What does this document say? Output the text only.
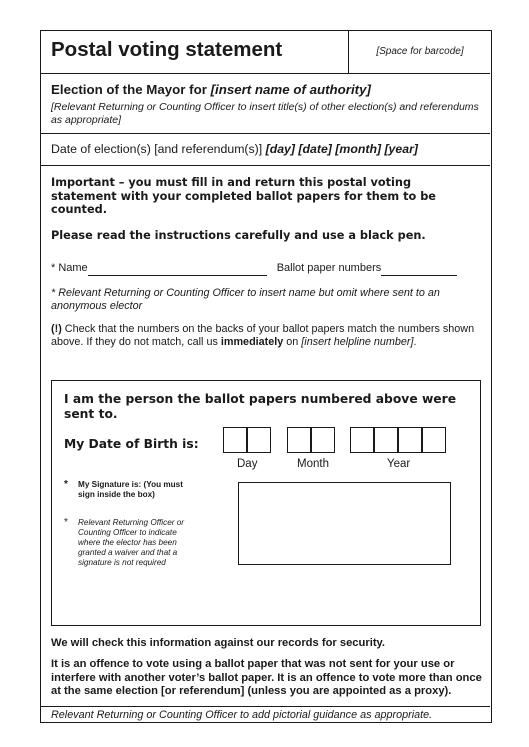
Postal voting statement	[Space for barcode]
Election of the Mayor for [insert name of authority]
[Relevant Returning or Counting Officer to insert title(s) of other election(s) and referendums as appropriate]
Date of election(s) [and referendum(s)] [day] [date] [month] [year]
Important – you must fill in and return this postal voting statement with your completed ballot papers for them to be counted.
Please read the instructions carefully and use a black pen.
* Name	Ballot paper numbers
* Relevant Returning or Counting Officer to insert name but omit where sent to an anonymous elector
(!) Check that the numbers on the backs of your ballot papers match the numbers shown above. If they do not match, call us immediately on [insert helpline number].
I am the person the ballot papers numbered above were sent to.
My Date of Birth is:
Day	Month	Year
*	My Signature is: (You must sign inside the box)
*	Relevant Returning Officer or Counting Officer to indicate where the elector has been granted a waiver and that a signature is not required
We will check this information against our records for security.
It is an offence to vote using a ballot paper that was not sent for your use or interfere with another voter’s ballot paper. It is an offence to vote more than once at the same election [or referendum] (unless you are appointed as a proxy).
Relevant Returning or Counting Officer to add pictorial guidance as appropriate.
